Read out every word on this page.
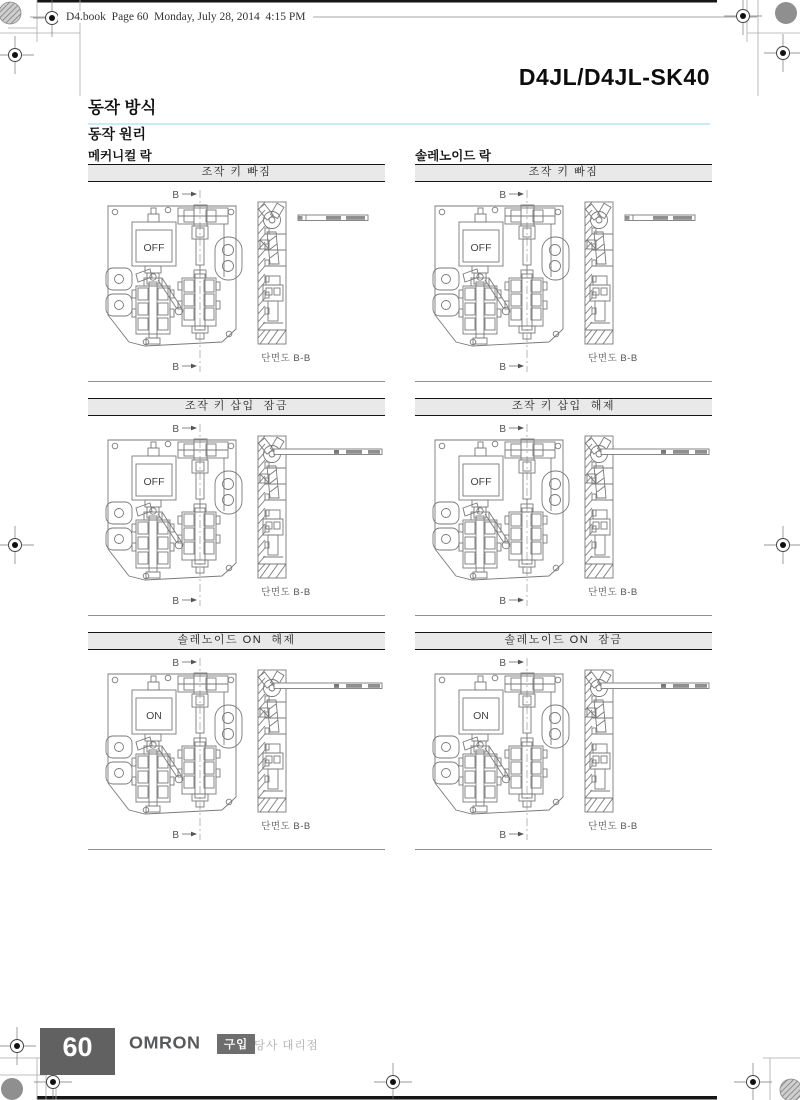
D4.book  Page 60  Monday, July 28, 2014  4:15 PM
D4JL/D4JL-SK40
동작 방식
동작 원리
메커니컬 락
조작 키 빠짐
B
B
OFF
단면도 B-B
조작 키 삽입  잠금
B
B
OFF
단면도 B-B
솔레노이드 ON  해제
B
B
ON
단면도 B-B
솔레노이드 락
조작 키 빠짐
B
B
OFF
단면도 B-B
조작 키 삽입  해제
B
B
OFF
단면도 B-B
솔레노이드 ON  잠금
B
B
ON
단면도 B-B
60	OMRON	구입 당사 대리점
